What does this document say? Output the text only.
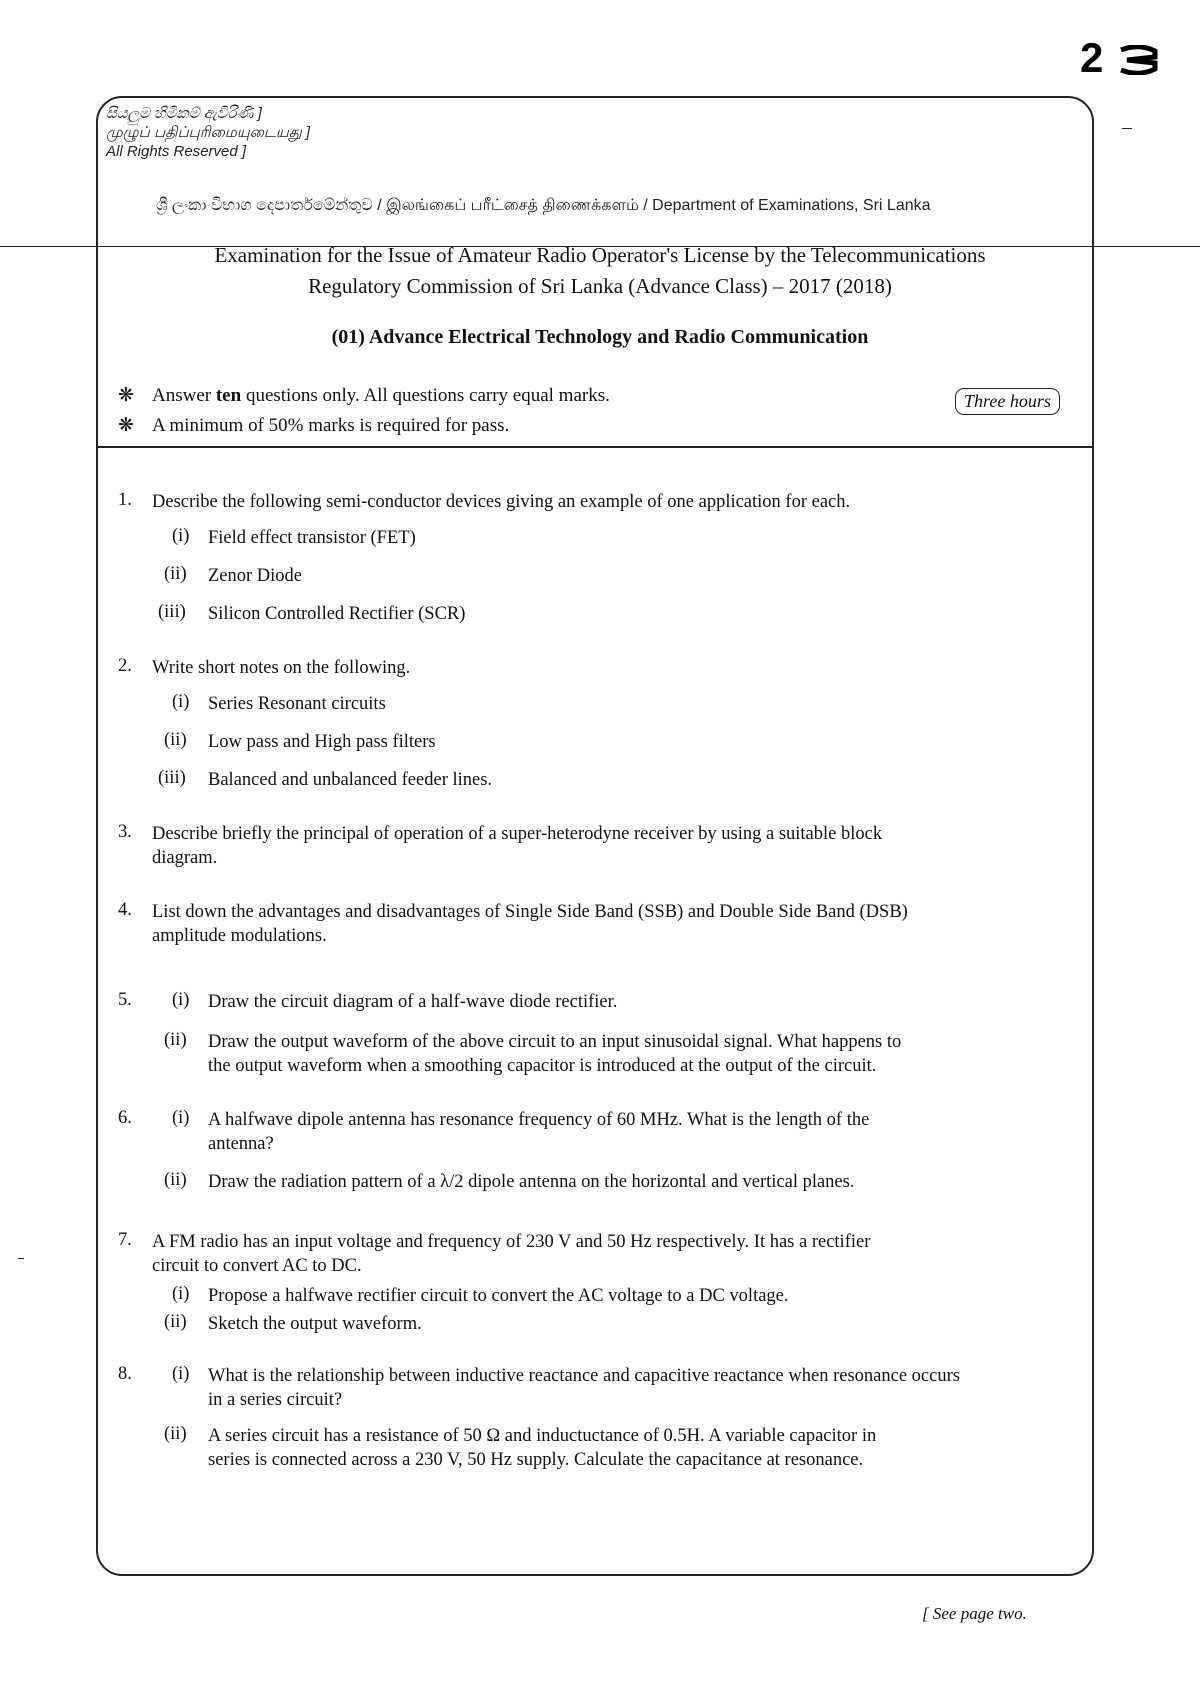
2
සියලුම හිමිකම් ඇවිරිණි ]
முழுப் பதிப்புரிமையுடையது ]
All Rights Reserved ]
ශ්‍රී ලංකා විභාග දෙපාර්තමේන්තුව / இலங்கைப் பரீட்சைத் திணைக்களம் / Department of Examinations, Sri Lanka
Examination for the Issue of Amateur Radio Operator's License by the Telecommunications
Regulatory Commission of Sri Lanka (Advance Class) – 2017 (2018)
(01) Advance Electrical Technology and Radio Communication
❋ Answer ten questions only. All questions carry equal marks.
❋ A minimum of 50% marks is required for pass.
Three hours
1. Describe the following semi-conductor devices giving an example of one application for each.
(i) Field effect transistor (FET)
(ii) Zenor Diode
(iii) Silicon Controlled Rectifier (SCR)
2. Write short notes on the following.
(i) Series Resonant circuits
(ii) Low pass and High pass filters
(iii) Balanced and unbalanced feeder lines.
3. Describe briefly the principal of operation of a super-heterodyne receiver by using a suitable block
diagram.
4. List down the advantages and disadvantages of Single Side Band (SSB) and Double Side Band (DSB)
amplitude modulations.
5. (i) Draw the circuit diagram of a half-wave diode rectifier.
(ii) Draw the output waveform of the above circuit to an input sinusoidal signal. What happens to
the output waveform when a smoothing capacitor is introduced at the output of the circuit.
6. (i) A halfwave dipole antenna has resonance frequency of 60 MHz. What is the length of the
antenna?
(ii) Draw the radiation pattern of a λ/2 dipole antenna on the horizontal and vertical planes.
7. A FM radio has an input voltage and frequency of 230 V and 50 Hz respectively. It has a rectifier
circuit to convert AC to DC.
(i) Propose a halfwave rectifier circuit to convert the AC voltage to a DC voltage.
(ii) Sketch the output waveform.
8. (i) What is the relationship between inductive reactance and capacitive reactance when resonance occurs
in a series circuit?
(ii) A series circuit has a resistance of 50 Ω and inductuctance of 0.5H. A variable capacitor in
series is connected across a 230 V, 50 Hz supply. Calculate the capacitance at resonance.
[ See page two.
